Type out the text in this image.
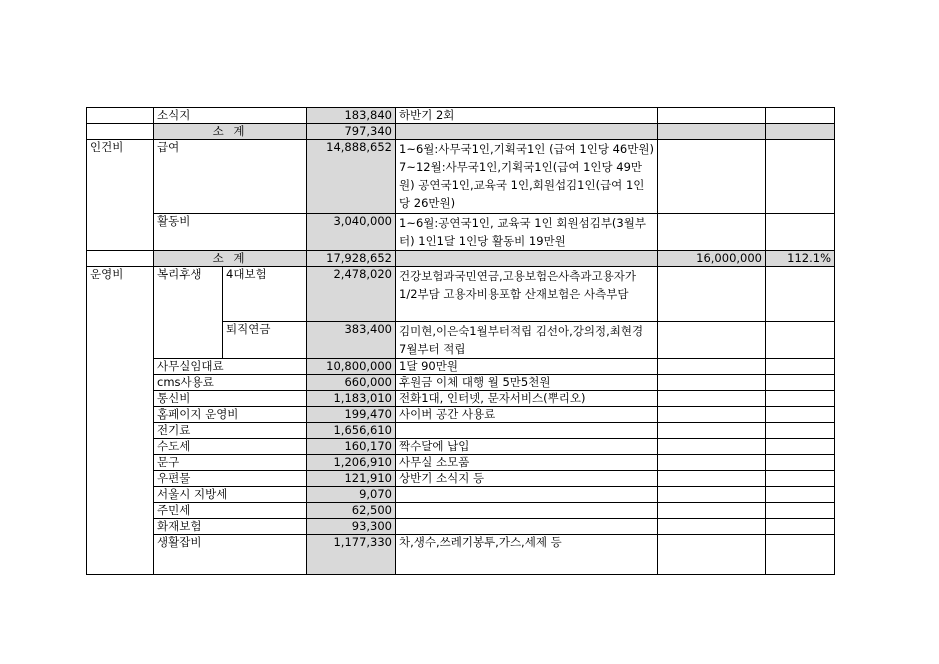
	소식지		183,840	하반기 2회		
	소 계		797,340			
인건비	급여		14,888,652	1~6월:사무국1인,기획국1인 (급여 1인당 46만원) 7~12월:사무국1인,기획국1인(급여 1인당 49만원) 공연국1인,교육국 1인,회원섭김1인(급여 1인당 26만원)		
	활동비		3,040,000	1~6월:공연국1인, 교육국 1인 회원섬김부(3월부터) 1인1달 1인당 활동비 19만원		
	소 계		17,928,652		16,000,000	112.1%
운영비	복리후생	4대보험	2,478,020	건강보험과국민연금,고용보험은사측과고용자가1/2부담 고용자비용포함 산재보험은 사측부담		
		퇴직연금	383,400	김미현,이은숙1월부터적립 김선아,강의정,최현경 7월부터 적립		
	사무실임대료		10,800,000	1달 90만원		
	cms사용료		660,000	후원금 이체 대행 월 5만5천원		
	통신비		1,183,010	전화1대, 인터넷, 문자서비스(뿌리오)		
	홈페이지 운영비		199,470	사이버 공간 사용료		
	전기료		1,656,610			
	수도세		160,170	짝수달에 납입		
	문구		1,206,910	사무실 소모품		
	우편물		121,910	상반기 소식지 등		
	서울시 지방세		9,070			
	주민세		62,500			
	화재보험		93,300			
	생활잡비		1,177,330	차,생수,쓰레기봉투,가스,세제 등		
